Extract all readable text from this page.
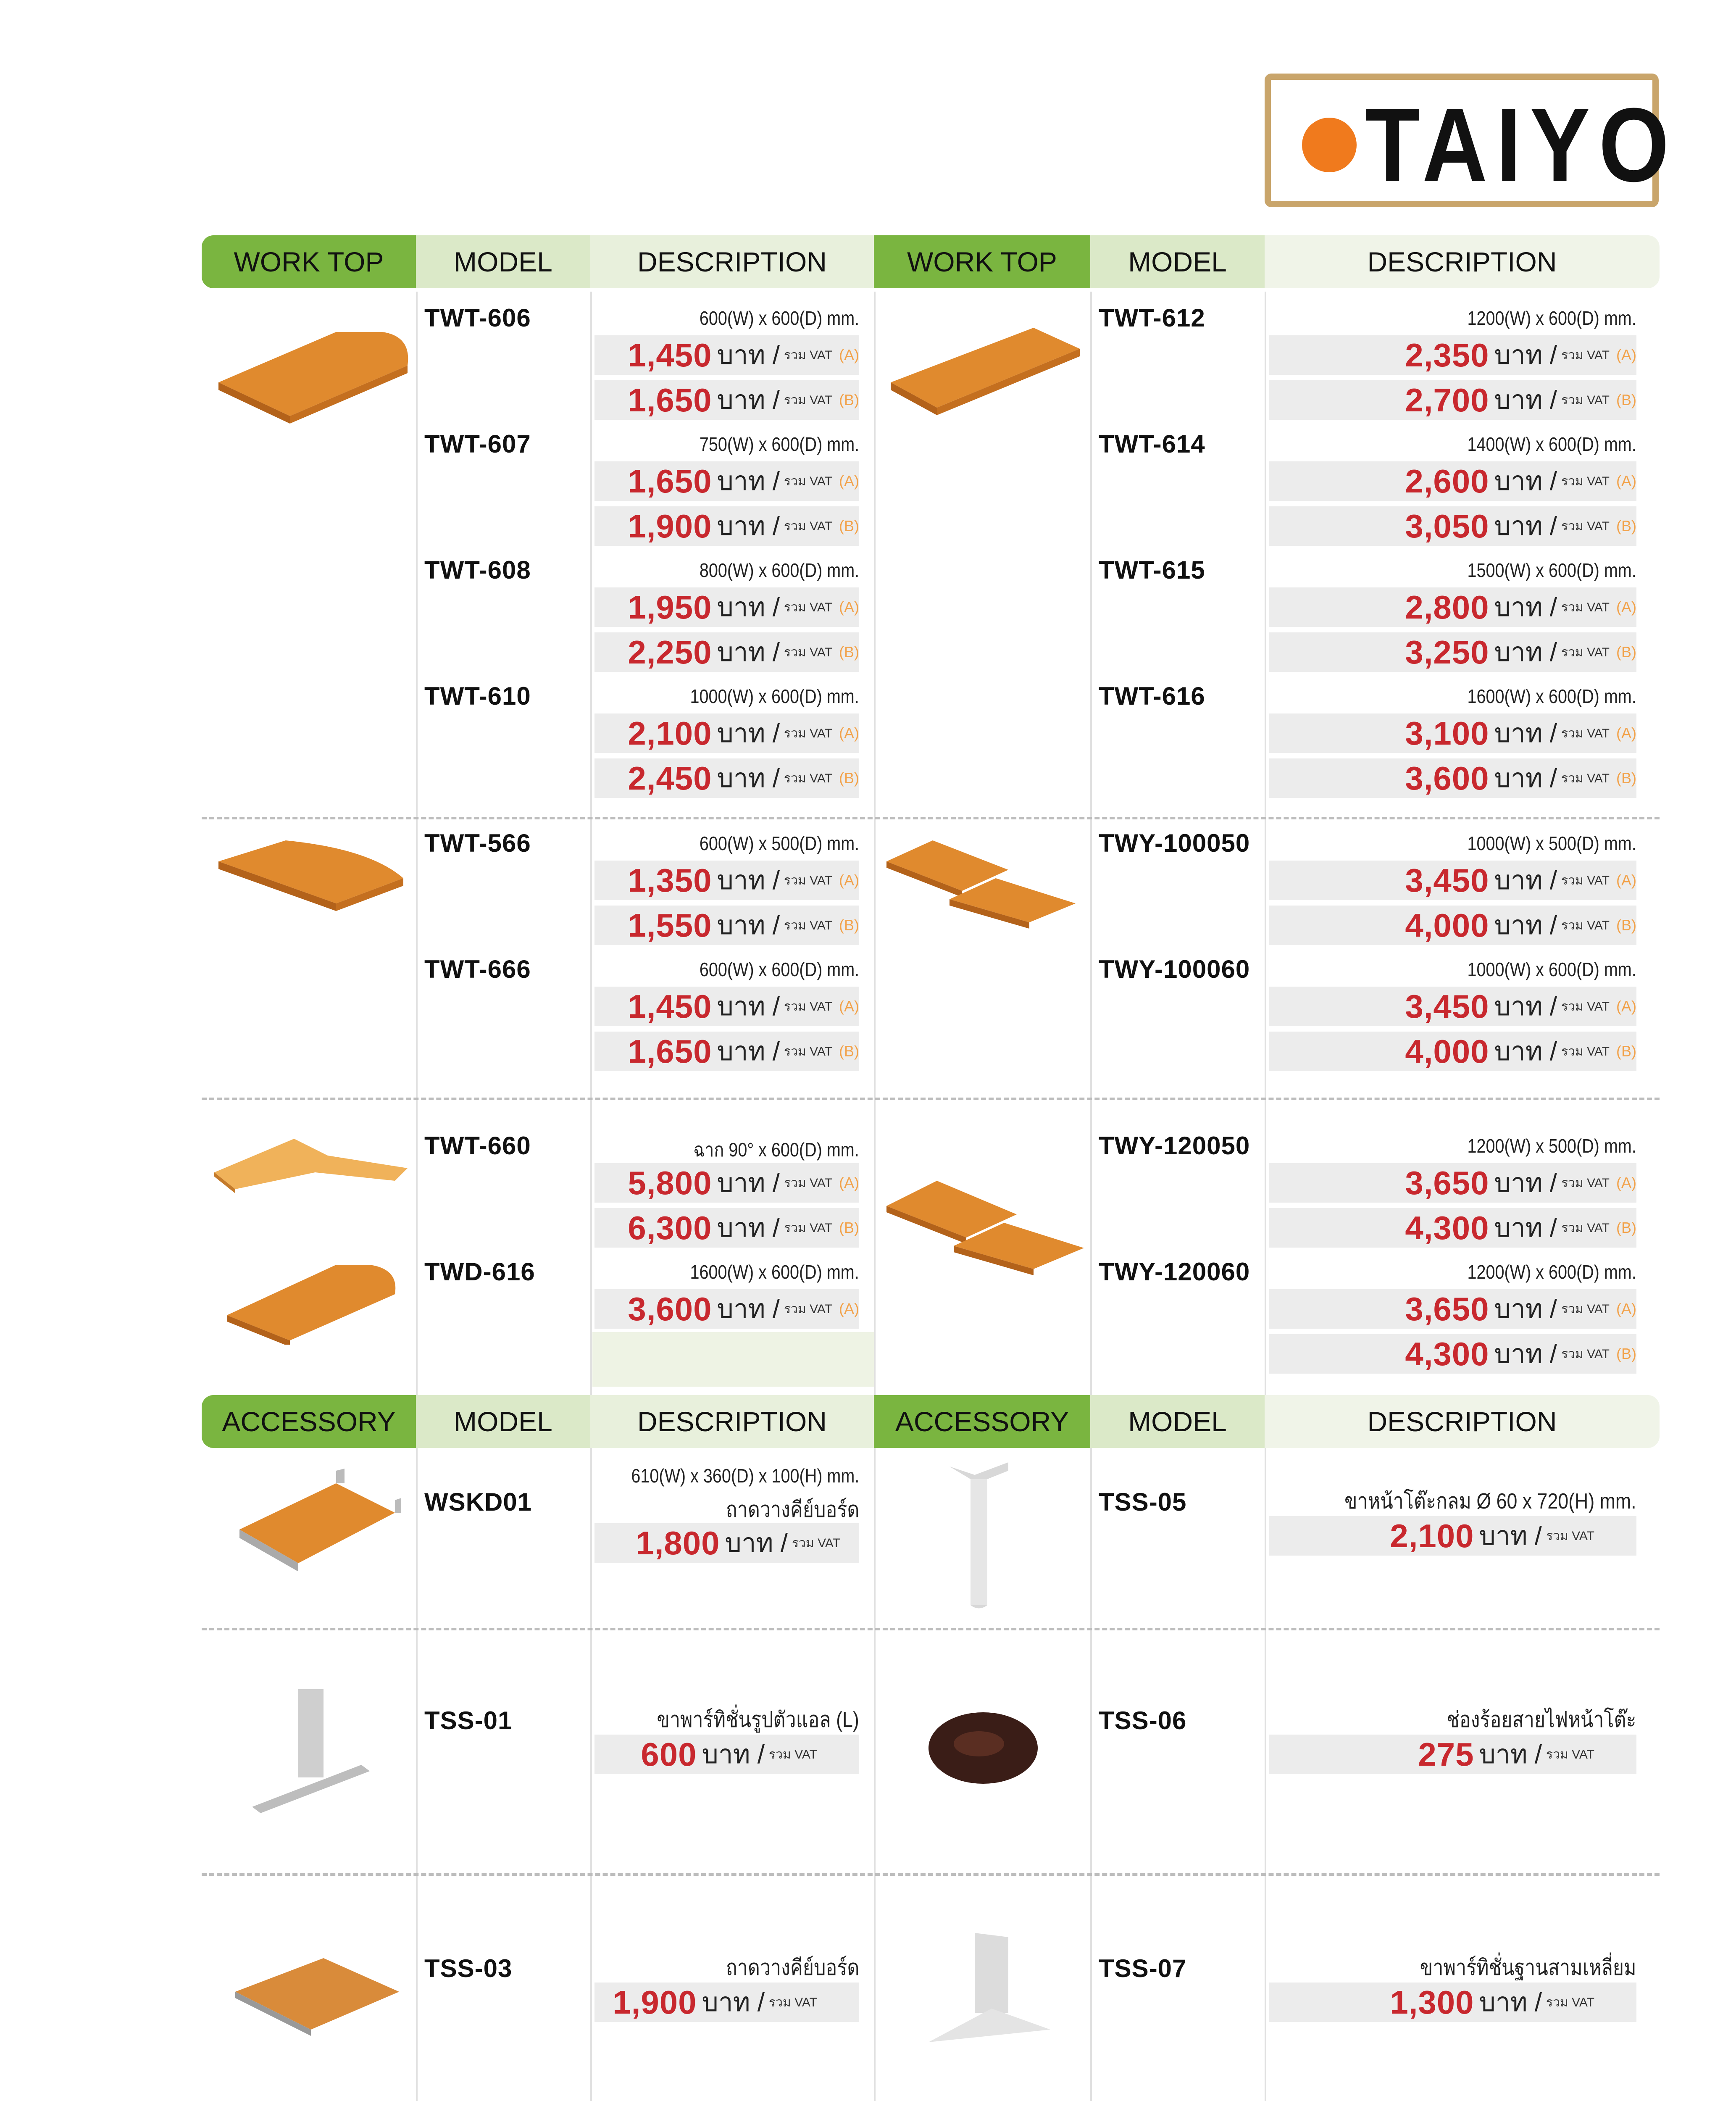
TAIYO
WORK TOP	MODEL	DESCRIPTION	WORK TOP	MODEL	DESCRIPTION
ACCESSORY	MODEL	DESCRIPTION	ACCESSORY	MODEL	DESCRIPTION
TWT-606	600(W) x 600(D) mm.
1,450 บาท / รวม VAT (A)
1,650 บาท / รวม VAT (B)
TWT-607	750(W) x 600(D) mm.
1,650 บาท / รวม VAT (A)
1,900 บาท / รวม VAT (B)
TWT-608	800(W) x 600(D) mm.
1,950 บาท / รวม VAT (A)
2,250 บาท / รวม VAT (B)
TWT-610	1000(W) x 600(D) mm.
2,100 บาท / รวม VAT (A)
2,450 บาท / รวม VAT (B)
TWT-566	600(W) x 500(D) mm.
1,350 บาท / รวม VAT (A)
1,550 บาท / รวม VAT (B)
TWT-666	600(W) x 600(D) mm.
1,450 บาท / รวม VAT (A)
1,650 บาท / รวม VAT (B)
TWT-660	ฉาก 90° x 600(D) mm.
5,800 บาท / รวม VAT (A)
6,300 บาท / รวม VAT (B)
TWD-616	1600(W) x 600(D) mm.
3,600 บาท / รวม VAT (A)
TWT-612	1200(W) x 600(D) mm.
2,350 บาท / รวม VAT (A)
2,700 บาท / รวม VAT (B)
TWT-614	1400(W) x 600(D) mm.
2,600 บาท / รวม VAT (A)
3,050 บาท / รวม VAT (B)
TWT-615	1500(W) x 600(D) mm.
2,800 บาท / รวม VAT (A)
3,250 บาท / รวม VAT (B)
TWT-616	1600(W) x 600(D) mm.
3,100 บาท / รวม VAT (A)
3,600 บาท / รวม VAT (B)
TWY-100050	1000(W) x 500(D) mm.
3,450 บาท / รวม VAT (A)
4,000 บาท / รวม VAT (B)
TWY-100060	1000(W) x 600(D) mm.
3,450 บาท / รวม VAT (A)
4,000 บาท / รวม VAT (B)
TWY-120050	1200(W) x 500(D) mm.
3,650 บาท / รวม VAT (A)
4,300 บาท / รวม VAT (B)
TWY-120060	1200(W) x 600(D) mm.
3,650 บาท / รวม VAT (A)
4,300 บาท / รวม VAT (B)
WSKD01
610(W) x 360(D) x 100(H) mm.
ถาดวางคีย์บอร์ด
1,800 บาท / รวม VAT
TSS-01	ขาพาร์ทิชั่นรูปตัวแอล (L)
600 บาท / รวม VAT
TSS-03	ถาดวางคีย์บอร์ด
1,900 บาท / รวม VAT
TSS-05	ขาหน้าโต๊ะกลม Ø 60 x 720(H) mm.
2,100 บาท / รวม VAT
TSS-06	ช่องร้อยสายไฟหน้าโต๊ะ
275 บาท / รวม VAT
TSS-07	ขาพาร์ทิชั่นฐานสามเหลี่ยม
1,300 บาท / รวม VAT
